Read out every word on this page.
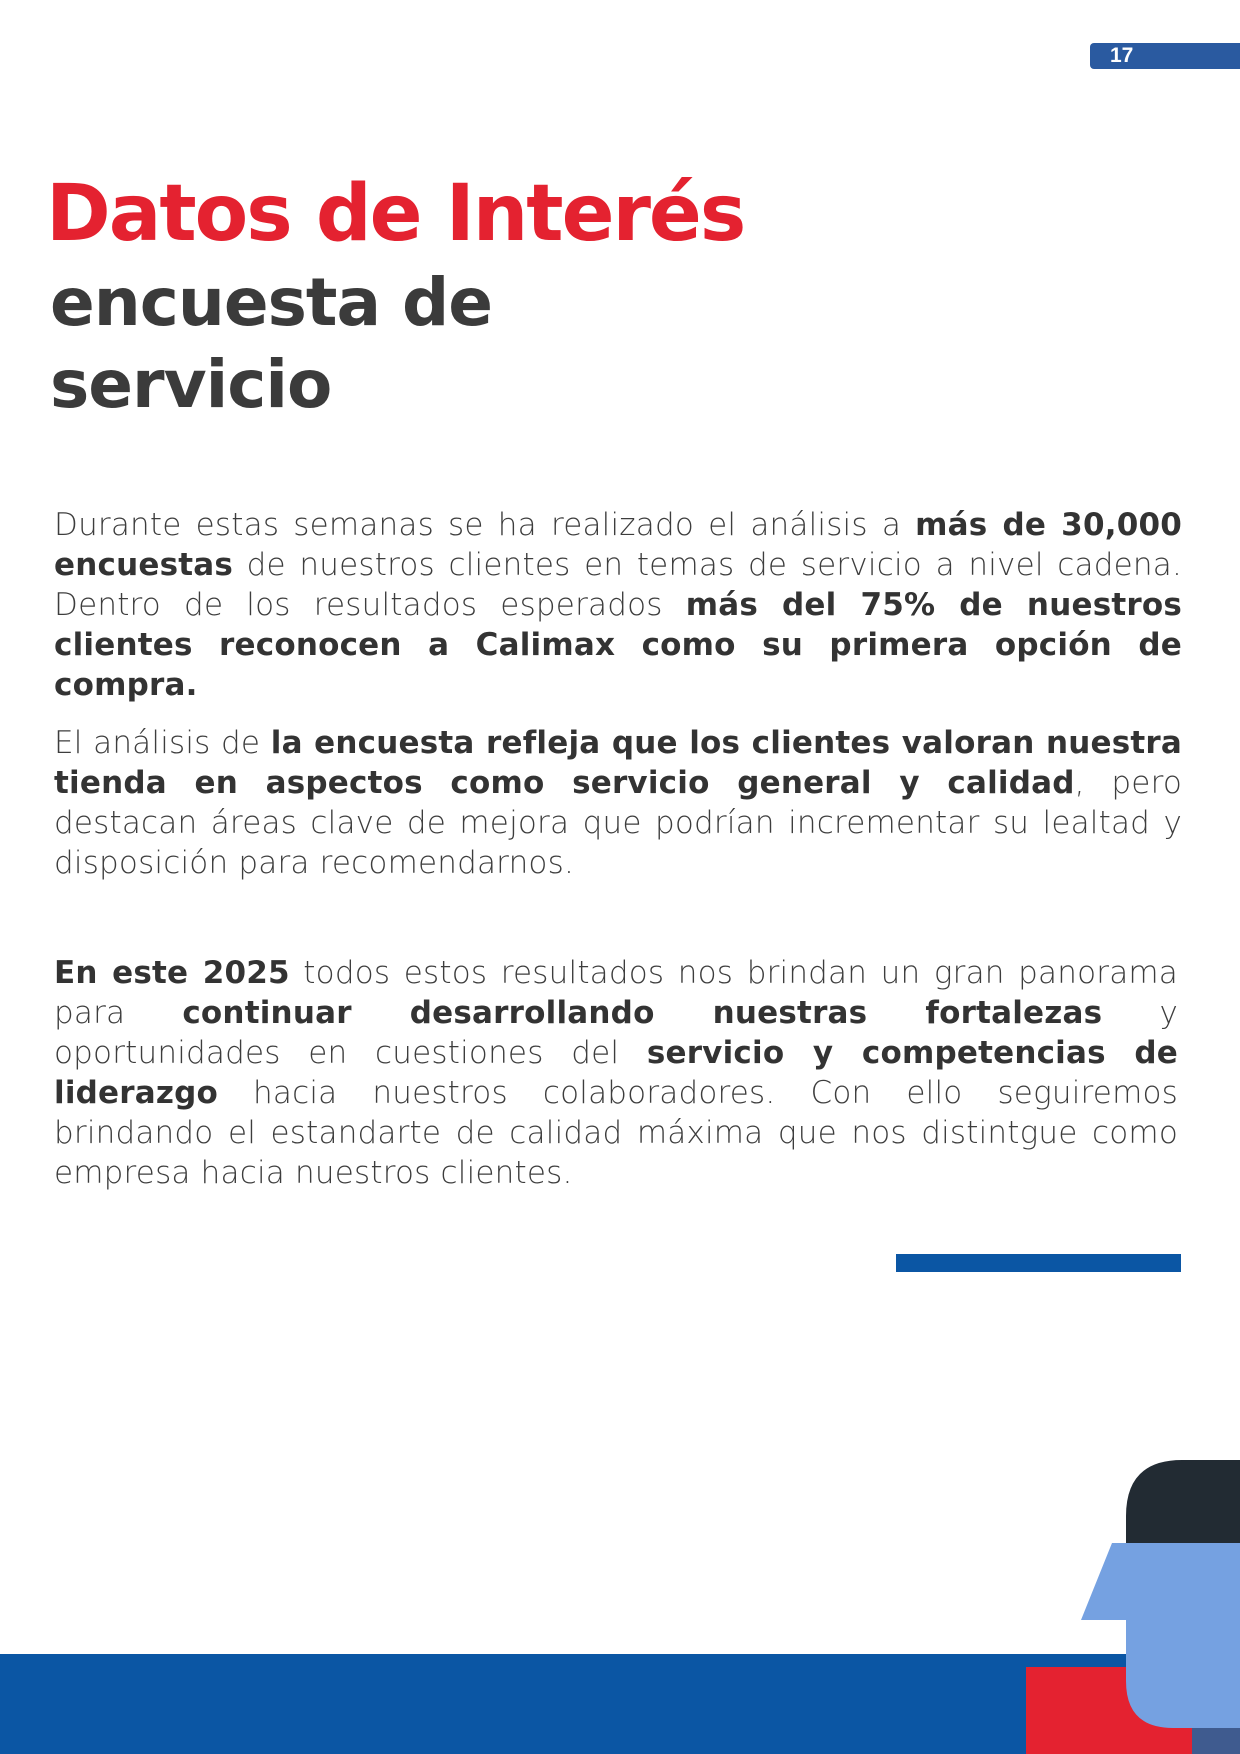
17
Datos de Interés
encuesta de
servicio

Durante estas semanas se ha realizado el análisis a más de 30,000 encuestas de nuestros clientes en temas de servicio a nivel cadena. Dentro de los resultados esperados más del 75% de nuestros clientes reconocen a Calimax como su primera opción de compra.

El análisis de la encuesta refleja que los clientes valoran nuestra tienda en aspectos como servicio general y calidad, pero destacan áreas clave de mejora que podrían incrementar su lealtad y disposición para recomendarnos.

En este 2025 todos estos resultados nos brindan un gran panorama para continuar desarrollando nuestras fortalezas y oportunidades en cuestiones del servicio y competencias de liderazgo hacia nuestros colaboradores. Con ello seguiremos brindando el estandarte de calidad máxima que nos distintgue como empresa hacia nuestros clientes.
